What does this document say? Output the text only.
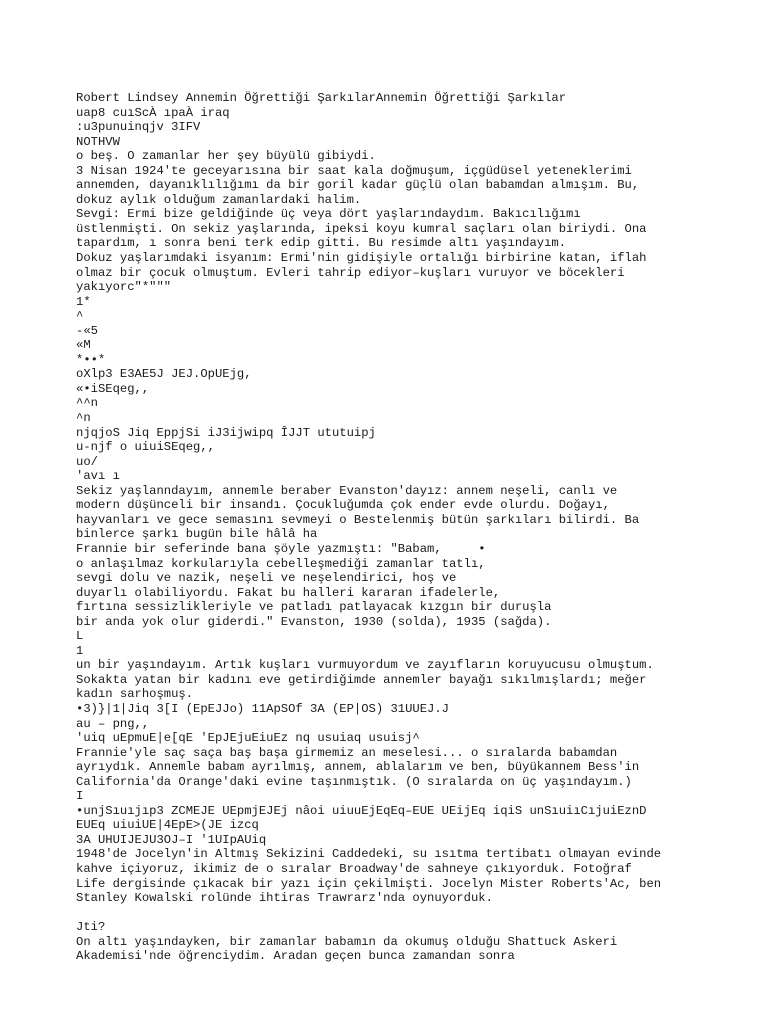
Robert Lindsey Annemin Öğrettiği ŞarkılarAnnemin Öğrettiği Şarkılar
uap8 cuıScÀ ıpaÀ iraq
:u3punuinqjv 3IFV
NOTHVW
o beş. O zamanlar her şey büyülü gibiydi.
3 Nisan 1924'te geceyarısına bir saat kala doğmuşum, içgüdüsel yeteneklerimi
annemden, dayanıklılığımı da bir goril kadar güçlü olan babamdan almışım. Bu,
dokuz aylık olduğum zamanlardaki halim.
Sevgi: Ermi bize geldiğinde üç veya dört yaşlarındaydım. Bakıcılığımı
üstlenmişti. On sekiz yaşlarında, ipeksi koyu kumral saçları olan biriydi. Ona
tapardım, ı sonra beni terk edip gitti. Bu resimde altı yaşındayım.
Dokuz yaşlarımdaki isyanım: Ermi'nin gidişiyle ortalığı birbirine katan, iflah
olmaz bir çocuk olmuştum. Evleri tahrip ediyor–kuşları vuruyor ve böcekleri
yakıyorc"*"""
1*
^
-«5
«M
*••*
oXlp3 E3AE5J JEJ.OpUEjg,
«•iSEqeg,,
^^n
^n
njqjoS Jiq EppjSi iJ3ijwipq ÎJJT ututuipj
u-njf o uiuiSEqeg,,
uo/
'avı ı
Sekiz yaşlanndayım, annemle beraber Evanston'dayız: annem neşeli, canlı ve
modern düşünceli bir insandı. Çocukluğumda çok ender evde olurdu. Doğayı,
hayvanları ve gece semasını sevmeyi o Bestelenmiş bütün şarkıları bilirdi. Ba
binlerce şarkı bugün bile hâlâ ha
Frannie bir seferinde bana şöyle yazmıştı: "Babam,     •
o anlaşılmaz korkularıyla cebelleşmediği zamanlar tatlı,
sevgi dolu ve nazik, neşeli ve neşelendirici, hoş ve
duyarlı olabiliyordu. Fakat bu halleri kararan ifadelerle,
fırtına sessizlikleriyle ve patladı patlayacak kızgın bir duruşla
bir anda yok olur giderdi." Evanston, 1930 (solda), 1935 (sağda).
L
1
un bir yaşındayım. Artık kuşları vurmuyordum ve zayıfların koruyucusu olmuştum.
Sokakta yatan bir kadını eve getirdiğimde annemler bayağı sıkılmışlardı; meğer
kadın sarhoşmuş.
•3)}|1|Jiq 3[I (EpEJJo) 11ApSOf 3A (EP|OS) 31UUEJ.J
au – png,,
'uiq uEpmuE|e[qE 'EpJEjuEiuEz nq usuiaq usuisj^
Frannie'yle saç saça baş başa girmemiz an meselesi... o sıralarda babamdan
ayrıydık. Annemle babam ayrılmış, annem, ablalarım ve ben, büyükannem Bess'in
California'da Orange'daki evine taşınmıştık. (O sıralarda on üç yaşındayım.)
I
•unjSıuıjıp3 ZCMEJE UEpmjEJEj nâoi uiuuEjEqEq–EUE UEijEq iqiS unSıuiıCıjuiEznD
EUEq uiuiUE|4EpE>(JE izcq
3A UHUIJEJU3OJ–I '1UIpAUiq
1948'de Jocelyn'in Altmış Sekizini Caddedeki, su ısıtma tertibatı olmayan evinde
kahve içiyoruz, ikimiz de o sıralar Broadway'de sahneye çıkıyorduk. Fotoğraf
Life dergisinde çıkacak bir yazı için çekilmişti. Jocelyn Mister Roberts'Ac, ben
Stanley Kowalski rolünde ihtiras Trawrarz'nda oynuyorduk.
Jti?
On altı yaşındayken, bir zamanlar babamın da okumuş olduğu Shattuck Askeri
Akademisi'nde öğrenciydim. Aradan geçen bunca zamandan sonra
